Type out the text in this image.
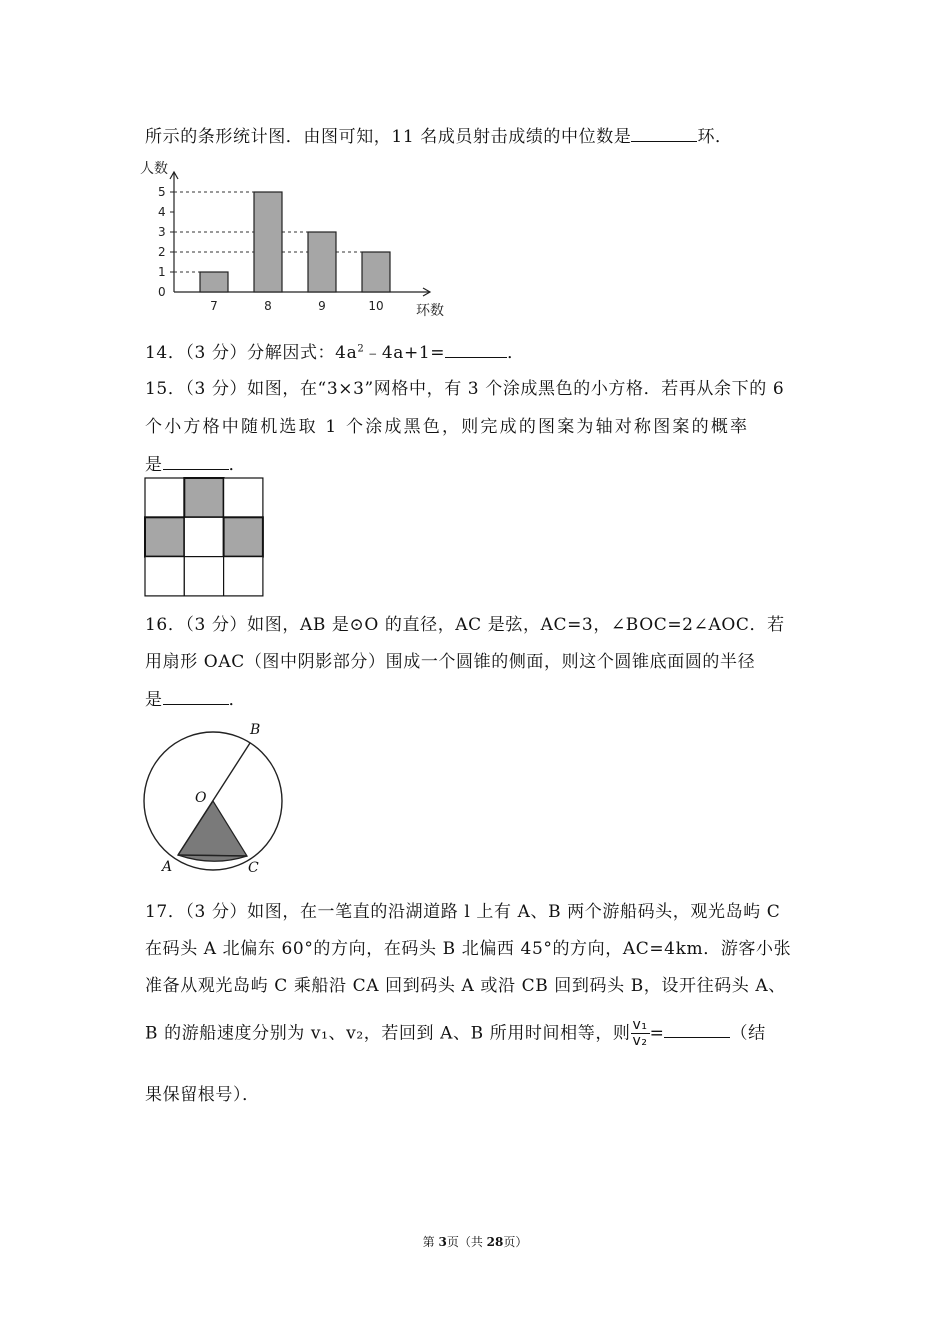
所示的条形统计图．由图可知，11 名成员射击成绩的中位数是	环．
0
1
2
3
4
5
7	8	9	10
人数
环数
14．（3 分）分解因式：$4a^2﹣4a+1=$	．
15．（3 分）如图，在“3×3”网格中，有 3 个涂成黑色的小方格．若再从余下的 6
个小方格中随机选取 1 个涂成黑色，则完成的图案为轴对称图案的概率
是	．
16．（3 分）如图，AB 是⊙O 的直径，AC 是弦，AC=3，∠BOC=2∠AOC．若
用扇形 OAC（图中阴影部分）围成一个圆锥的侧面，则这个圆锥底面圆的半径
是	．
B
O
A	C
17．（3 分）如图，在一笔直的沿湖道路 l 上有 A、B 两个游船码头，观光岛屿 C
在码头 A 北偏东 60°的方向，在码头 B 北偏西 45°的方向，AC=4km．游客小张
准备从观光岛屿 C 乘船沿 CA 回到码头 A 或沿 CB 回到码头 B，设开往码头 A、
B 的游船速度分别为 v₁、v₂，若回到 A、B 所用时间相等，则 $\frac{\text{v₁}}{\text{v₂}}$ =	（结
果保留根号）．
第 3页（共 28页）
